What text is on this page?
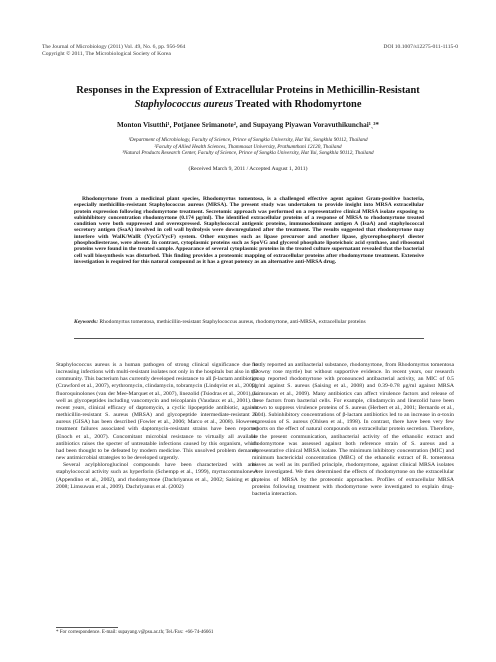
The Journal of Microbiology (2011) Vol. 49, No. 6, pp. 956-964
Copyright © 2011, The Microbiological Society of Korea
DOI 10.1007/s12275-011-1115-0
Responses in the Expression of Extracellular Proteins in Methicillin-Resistant
Staphylococcus aureus Treated with Rhodomyrtone
Monton Visutthi¹, Potjanee Srimanote², and Supayang Piyawan Voravuthikunchai¹ˎ³*
¹Department of Microbiology, Faculty of Science, Prince of Songkla University, Hat Yai, Songkhla 90112, Thailand
²Faculty of Allied Health Sciences, Thammasat University, Prathumthani 12120, Thailand
³Natural Products Research Center, Faculty of Science, Prince of Songkla University, Hat Yai, Songkhla 90112, Thailand
(Received March 9, 2011 / Accepted August 1, 2011)

Rhodomyrtone from a medicinal plant species, Rhodomyrtus tomentosa, is a challenged effective agent against Gram-positive bacteria, especially methicillin-resistant Staphylococcus aureus (MRSA). The present study was undertaken to provide insight into MRSA extracellular protein expression following rhodomyrtone treatment. Secretomic approach was performed on a representative clinical MRSA isolate exposing to subinhibitory concentration rhodomyrtone (0.174 μg/ml). The identified extracellular proteins of a response of MRSA to rhodomyrtone treated condition were both suppressed and overexpressed. Staphylococcal antigenic proteins, immunodominant antigen A (IsaA) and staphylococcal secretory antigen (SsaA) involved in cell wall hydrolysis were downregulated after the treatment. The results suggested that rhodomyrtone may interfere with WalK/WalR (YycG/YycF) system. Other enzymes such as lipase precursor and another lipase, glycerophosphoryl diester phosphodiesterase, were absent. In contrast, cytoplasmic proteins such as SpoVG and glycerol phosphate lipoteichoic acid synthase, and ribosomal proteins were found in the treated sample. Appearance of several cytoplasmic proteins in the treated culture supernatant revealed that the bacterial cell wall biosynthesis was disturbed. This finding provides a proteomic mapping of extracellular proteins after rhodomyrtone treatment. Extensive investigation is required for this natural compound as it has a great potency as an alternative anti-MRSA drug.

Keywords: Rhodomyrtus tomentosa, methicillin-resistant Staphylococcus aureus, rhodomyrtone, anti-MRSA, extracellular proteins

Staphylococcus aureus is a human pathogen of strong clinical significance due to increasing infections with multi-resistant isolates not only in the hospitals but also in the community. This bacterium has currently developed resistance to all β-lactam antibiotics (Crawford et al., 2007), erythromycin, clindamycin, tobramycin (Lindqvist et al., 2009), fluoroquinolones (van der Mee-Marquet et al., 2007), linezolid (Tsiodras et al., 2001), as well as glycopeptides including vancomycin and teicoplanin (Vaudaux et al., 2001). In recent years, clinical efficacy of daptomycin, a cyclic lipopeptide antibiotic, against methicillin-resistant S. aureus (MRSA) and glycopeptide intermediate-resistant S. aureus (GISA) has been described (Fowler et al., 2006; Marco et al., 2008). However, treatment failures associated with daptomycin-resistant strains have been reported (Enoch et al., 2007). Concomitant microbial resistance to virtually all available antibiotics raises the specter of untreatable infections caused by this organism, which had been thought to be defeated by modern medicine. This unsolved problem demands new antimicrobial strategies to be developed urgently.

Several acylphloroglucinol compounds have been characterized with anti-staphylococcal activity such as hyperforin (Schempp et al., 1999), myrtucommulone A (Appendino et al., 2002), and rhodomyrtone (Dachriyanus et al., 2002; Saising et al., 2008; Limsuwan et al., 2009). Dachriyanus et al. (2002)

firstly reported an antibacterial substance, rhodomyrtone, from Rhodomyrtus tomentosa (Downy rose myrtle) but without supportive evidence. In recent years, our research group reported rhodomyrtone with pronounced antibacterial activity, an MIC of 0.5 μg/ml against S. aureus (Saising et al., 2008) and 0.39-0.78 μg/ml against MRSA (Limsuwan et al., 2009). Many antibiotics can affect virulence factors and release of these factors from bacterial cells. For example, clindamycin and linezolid have been shown to suppress virulence proteins of S. aureus (Herbert et al., 2001; Bernardo et al., 2004). Subinhibitory concentrations of β-lactam antibiotics led to an increase in α-toxin expression of S. aureus (Ohlsen et al., 1998). In contrast, there have been very few reports on the effect of natural compounds on extracellular protein secretion. Therefore, in the present communication, antibacterial activity of the ethanolic extract and rhodomyrtone was assessed against both reference strain of S. aureus and a representative clinical MRSA isolate. The minimum inhibitory concentration (MIC) and minimum bactericidal concentration (MBC) of the ethanolic extract of R. tomentosa leaves as well as its purified principle, rhodomyrtone, against clinical MRSA isolates were investigated. We then determined the effects of rhodomyrtone on the extracellular proteins of MRSA by the proteomic approaches. Profiles of extracellular MRSA proteins following treatment with rhodomyrtone were investigated to explain drug-bacteria interaction.

* For correspondence. E-mail: supayang.v@psu.ac.th; Tel./Fax: +66-74-46661
